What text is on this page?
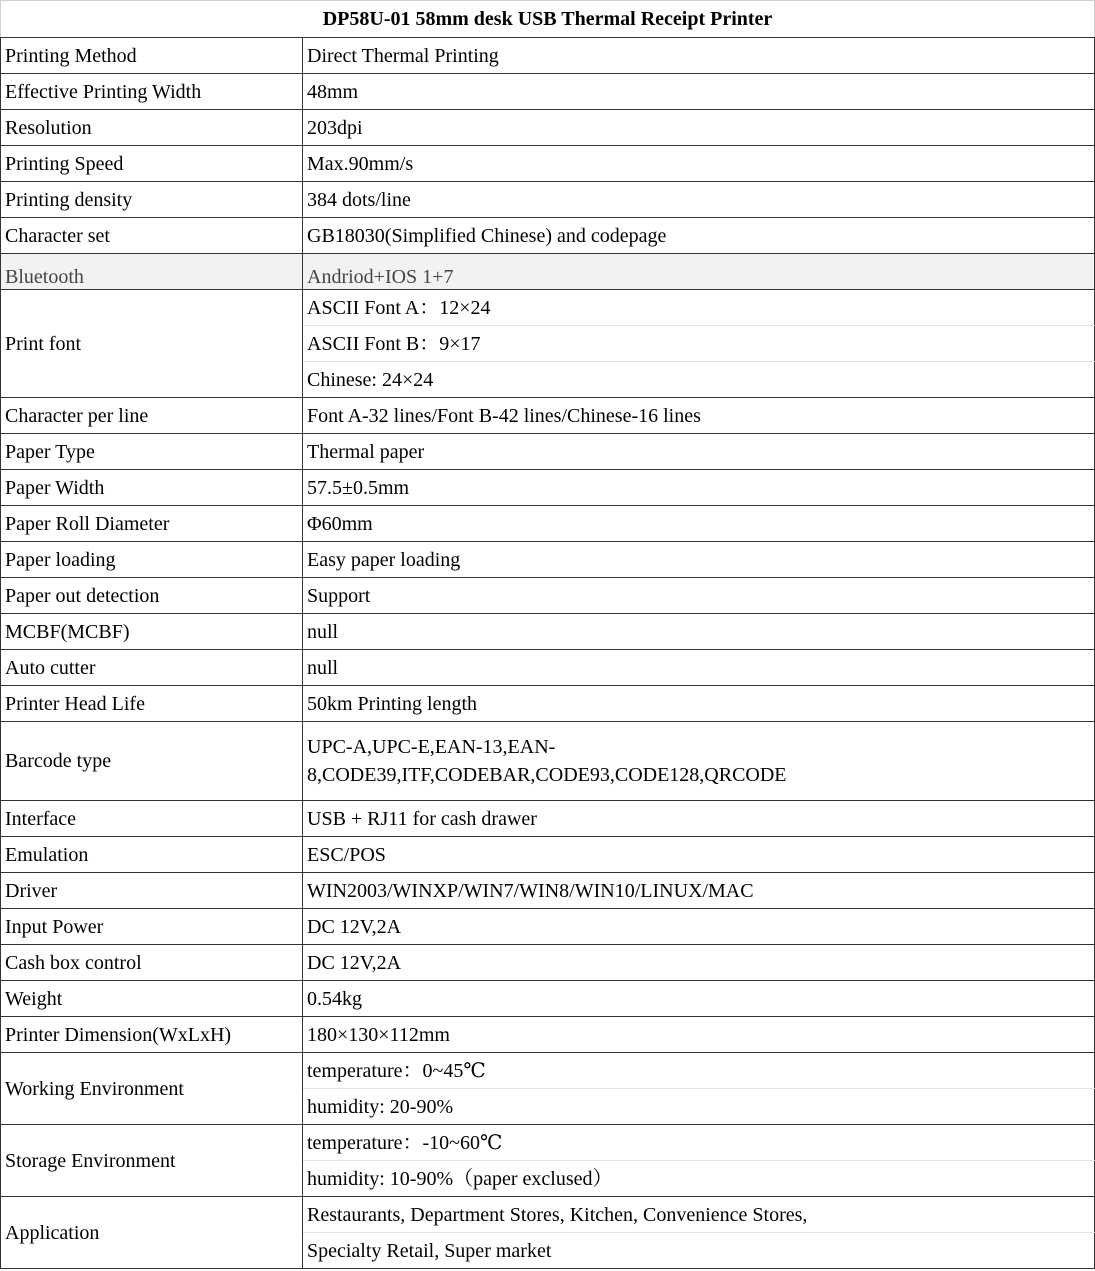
DP58U-01 58mm desk USB Thermal Receipt Printer	
Printing Method	Direct Thermal Printing
Effective Printing Width	48mm
Resolution	203dpi
Printing Speed	Max.90mm/s
Printing density	384 dots/line
Character set	GB18030(Simplified Chinese) and codepage
Bluetooth	Andriod+IOS 1+7
Print font	ASCII Font A：12×24
	ASCII Font B：9×17
	Chinese: 24×24
Character per line	Font A-32 lines/Font B-42 lines/Chinese-16 lines
Paper Type	Thermal paper
Paper Width	57.5±0.5mm
Paper Roll Diameter	Φ60mm
Paper loading	Easy paper loading
Paper out detection	Support
MCBF(MCBF)	null
Auto cutter	null
Printer Head Life	50km Printing length
Barcode type	UPC-A,UPC-E,EAN-13,EAN-8,CODE39,ITF,CODEBAR,CODE93,CODE128,QRCODE
Interface	USB + RJ11 for cash drawer
Emulation	ESC/POS
Driver	WIN2003/WINXP/WIN7/WIN8/WIN10/LINUX/MAC
Input Power	DC 12V,2A
Cash box control	DC 12V,2A
Weight	0.54kg
Printer Dimension(WxLxH)	180×130×112mm
Working Environment	temperature：0~45℃
	humidity: 20-90%
Storage Environment	temperature：-10~60℃
	humidity: 10-90%（paper exclused）
Application	Restaurants, Department Stores, Kitchen, Convenience Stores,
	Specialty Retail, Super market
